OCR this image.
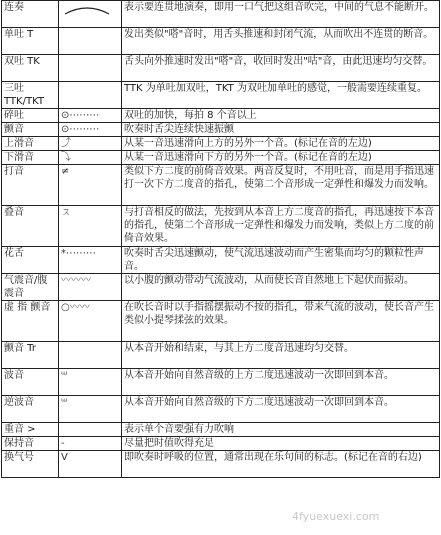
连奏		表示要连贯地演奏，即用一口气把这组音吹完，中间的气息不能断开。
单吐 T		发出类似"嗒"音时，用舌头推速和封闭气流，从而吹出不连贯的断音。
双吐 TK		舌头向外推速时发出"嗒"音，收回时发出"咕"音，由此迅速均匀交替。
三吐 TTK/TKT		TTK 为单吐加双吐，TKT 为双吐加单吐的感觉，一般需要连续重复。
碎吐	⊙⋯⋯⋯	双吐的加快，每拍 8 个音以上
颤音	⊙⋯⋯⋯	吹奏时舌尖连续快速振颤
上滑音	⤴	从某一音迅速滑向上方的另外一个音。(标记在音的左边)
下滑音	⤵	从某一音迅速滑向下方的另外一个音。(标记在音的左边)
打音	≠	类似下方二度的前倚音效果。两音反复时，不用吐音，而是用手指迅速打一次下方二度音的指孔，使第二个音形成一定弹性和爆发力而发响。
叠音	ㄡ	与打音相反的做法，先按到从本音上方二度音的指孔，再迅速按下本音的指孔，使第二个音形成一定弹性和爆发力而发响，类似上方二度的前倚音效果。
花舌	*⋯⋯⋯	吹奏时舌尖迅速颤动，使气流迅速波动而产生密集而均匀的颗粒性声音。
气震音/腹震音	〰〰〰	以小腹的颤动带动气流波动，从而使长音自然地上下起伏而振动。
虚 指 颤音	○〰〰	在吹长音时以手指摇摆振动不按的指孔，带来气流的波动，使长音产生类似小提琴揉弦的效果。
颤音 Tr		从本音开始和结束，与其上方二度音迅速均匀交替。
波音	ᵚ	从本音开始向自然音级的上方二度迅速波动一次即回到本音。
逆波音	ᵚ	从本音开始向自然音级的下方二度迅速波动一次即回到本音。
重音 >		表示单个音要强有力吹响
保持音	-	尽量把时值吹得充足
换气号	V	即吹奏时呼吸的位置，通常出现在乐句间的标志。(标记在音的右边)
4fyuexuexi.com
